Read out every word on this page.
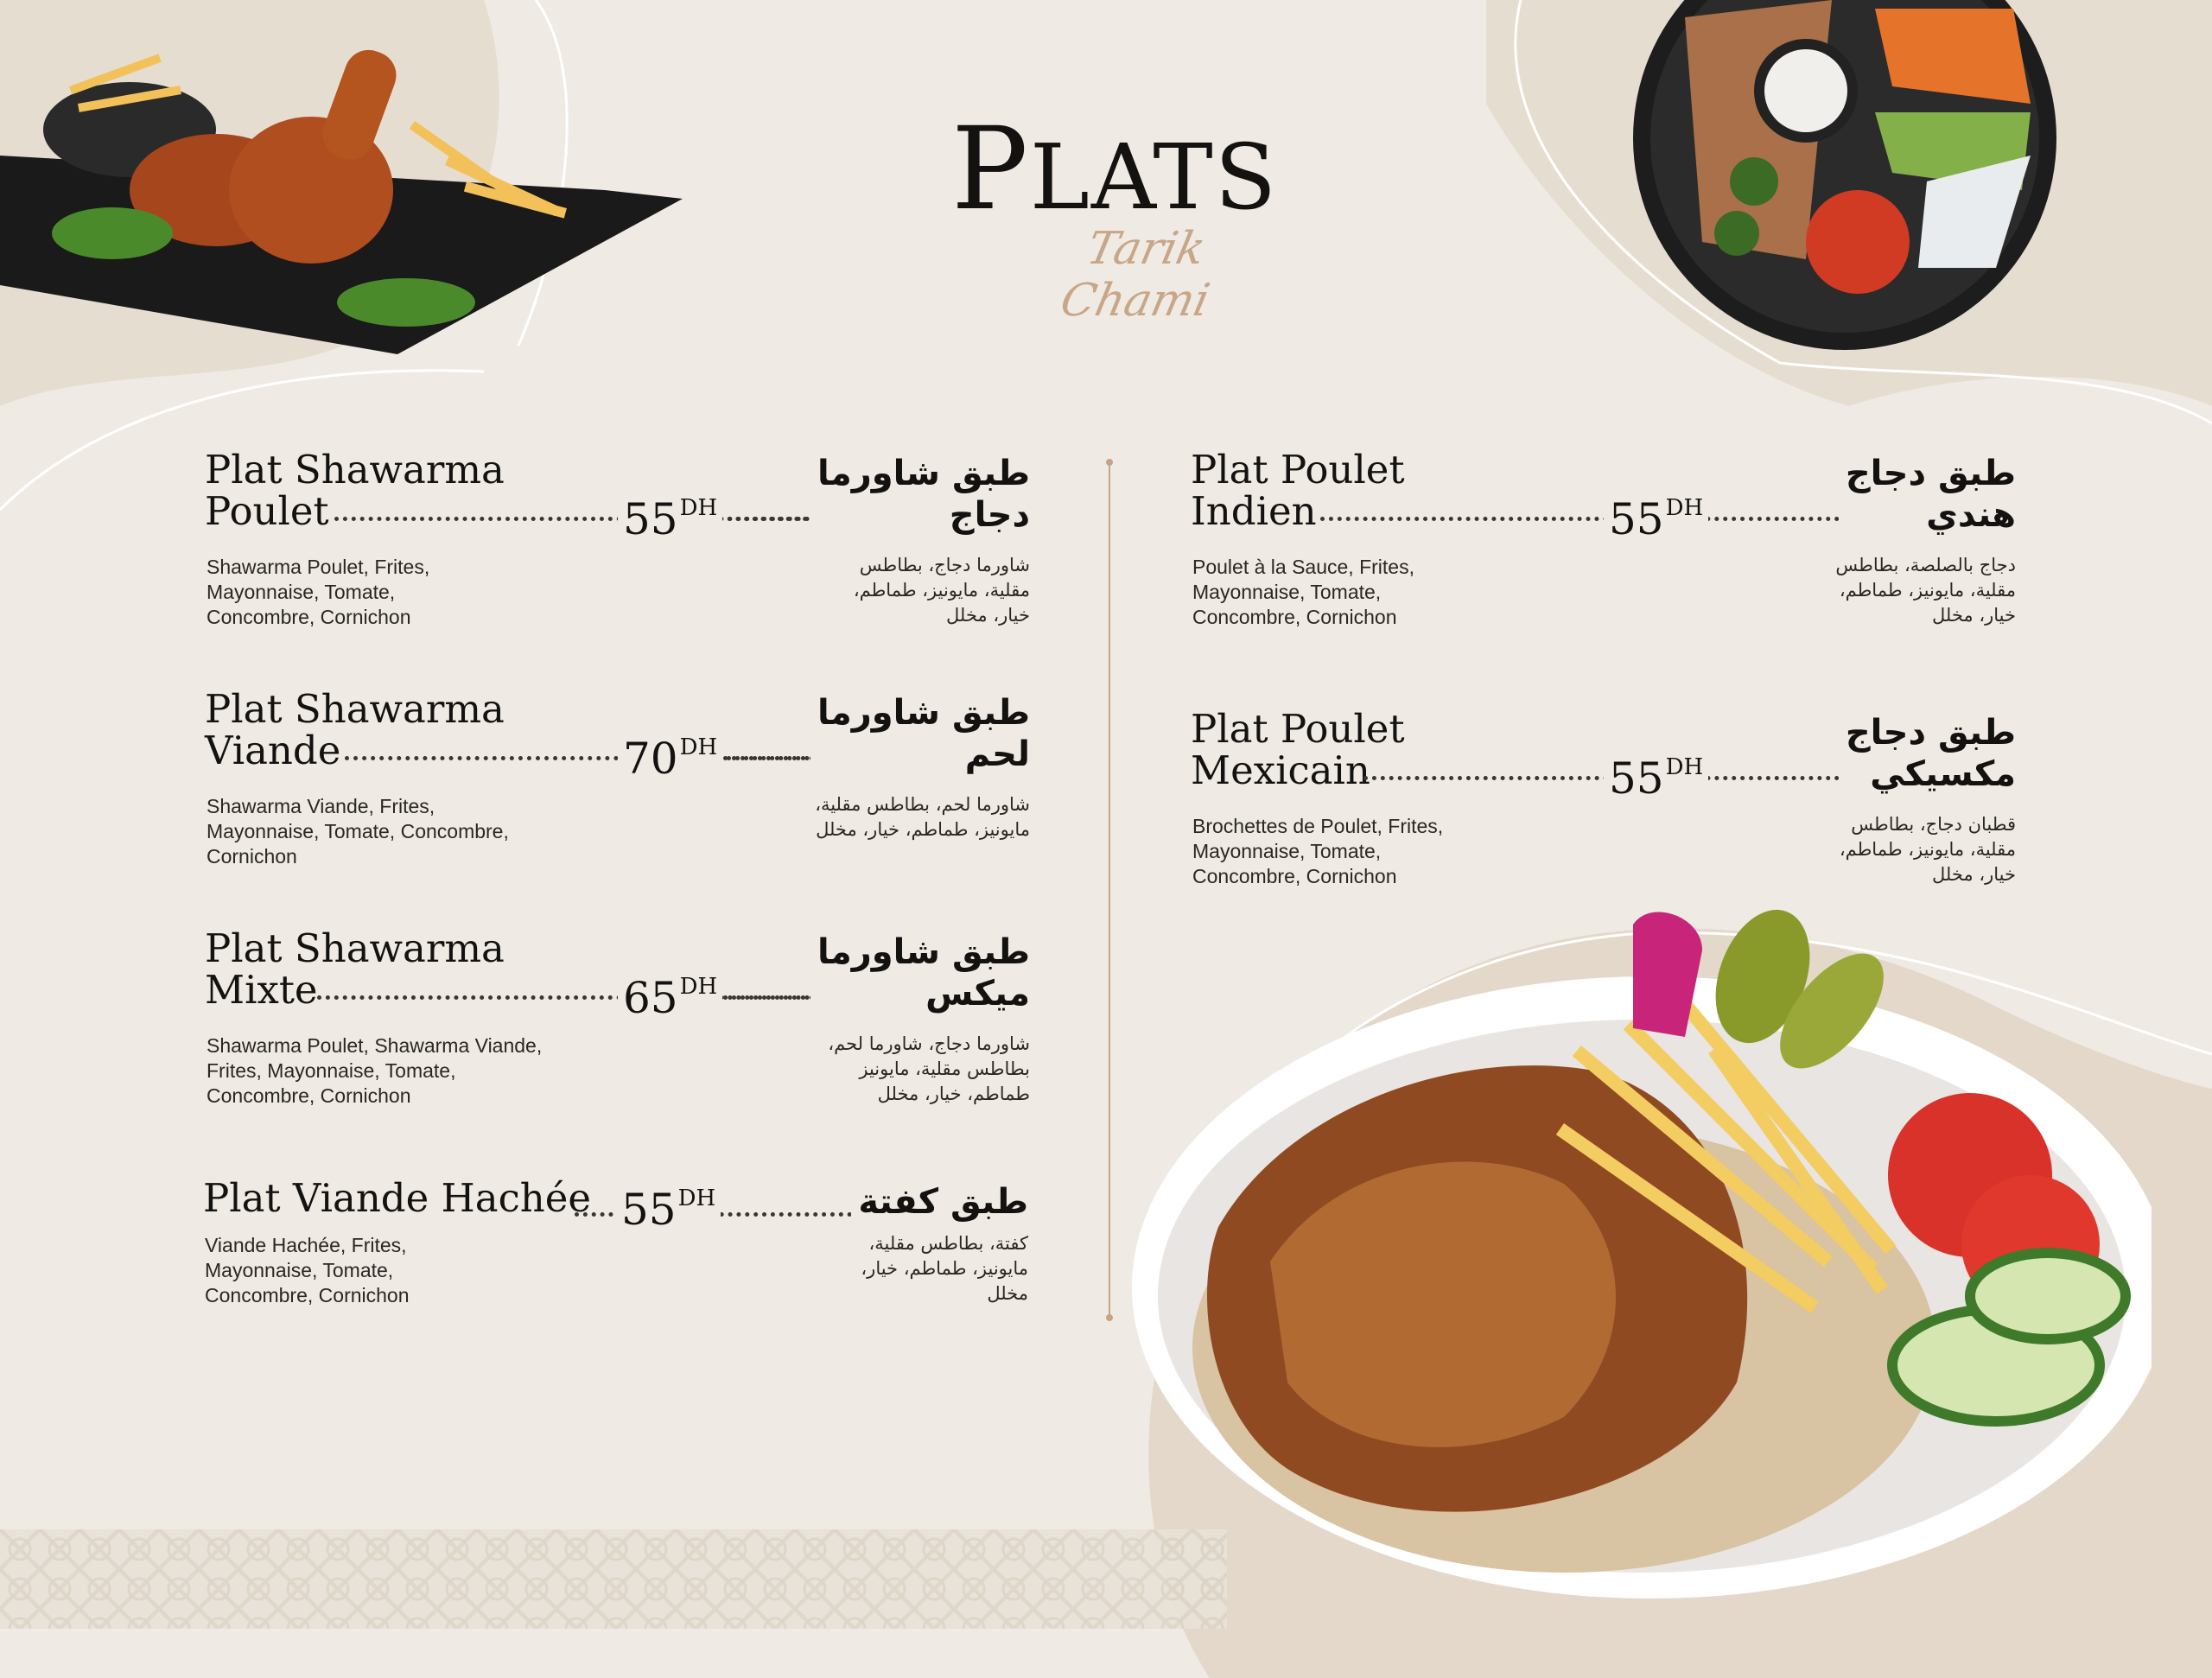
PLATS
Tarik Chami
Plat Shawarma
Poulet	$55^{DH}$
طبق شاورما
دجاج
Shawarma Poulet, Frites,
Mayonnaise, Tomate,
Concombre, Cornichon
شاورما دجاج، بطاطس
مقلية، مايونيز، طماطم،
خيار، مخلل
Plat Shawarma
Viande	$70^{DH}$
طبق شاورما
لحم
Shawarma Viande, Frites,
Mayonnaise, Tomate, Concombre,
Cornichon
شاورما لحم، بطاطس مقلية،
مايونيز، طماطم، خيار، مخلل
Plat Shawarma
Mixte	$65^{DH}$
طبق شاورما
ميكس
Shawarma Poulet, Shawarma Viande,
Frites, Mayonnaise, Tomate,
Concombre, Cornichon
شاورما دجاج، شاورما لحم،
بطاطس مقلية، مايونيز
طماطم، خيار، مخلل
Plat Viande Hachée $55^{DH}$	طبق كفتة
Viande Hachée, Frites,
Mayonnaise, Tomate,
Concombre, Cornichon
كفتة، بطاطس مقلية،
مايونيز، طماطم، خيار،
مخلل
Plat Poulet
Indien	$55^{DH}$
طبق دجاج
هندي
Poulet à la Sauce, Frites,
Mayonnaise, Tomate,
Concombre, Cornichon
دجاج بالصلصة، بطاطس
مقلية، مايونيز، طماطم،
خيار، مخلل
Plat Poulet
Mexicain	$55^{DH}$
طبق دجاج
مكسيكي
Brochettes de Poulet, Frites,
Mayonnaise, Tomate,
Concombre, Cornichon
قطبان دجاج، بطاطس
مقلية، مايونيز، طماطم،
خيار، مخلل
